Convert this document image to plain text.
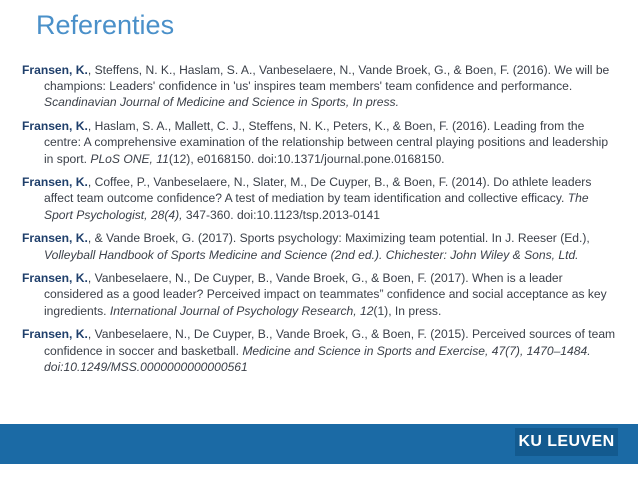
Referenties

Fransen, K., Steffens, N. K., Haslam, S. A., Vanbeselaere, N., Vande Broek, G., & Boen, F. (2016). We will be champions: Leaders' confidence in 'us' inspires team members' team confidence and performance. Scandinavian Journal of Medicine and Science in Sports, In press.

Fransen, K., Haslam, S. A., Mallett, C. J., Steffens, N. K., Peters, K., & Boen, F. (2016). Leading from the centre: A comprehensive examination of the relationship between central playing positions and leadership in sport. PLoS ONE, 11(12), e0168150. doi:10.1371/journal.pone.0168150.

Fransen, K., Coffee, P., Vanbeselaere, N., Slater, M., De Cuyper, B., & Boen, F. (2014). Do athlete leaders affect team outcome confidence? A test of mediation by team identification and collective efficacy. The Sport Psychologist, 28(4), 347-360. doi:10.1123/tsp.2013-0141

Fransen, K., & Vande Broek, G. (2017). Sports psychology: Maximizing team potential. In J. Reeser (Ed.), Volleyball Handbook of Sports Medicine and Science (2nd ed.). Chichester: John Wiley & Sons, Ltd.

Fransen, K., Vanbeselaere, N., De Cuyper, B., Vande Broek, G., & Boen, F. (2017). When is a leader considered as a good leader? Perceived impact on teammates” confidence and social acceptance as key ingredients. International Journal of Psychology Research, 12(1), In press.

Fransen, K., Vanbeselaere, N., De Cuyper, B., Vande Broek, G., & Boen, F. (2015). Perceived sources of team confidence in soccer and basketball. Medicine and Science in Sports and Exercise, 47(7), 1470–1484. doi:10.1249/MSS.0000000000000561

KU LEUVEN
